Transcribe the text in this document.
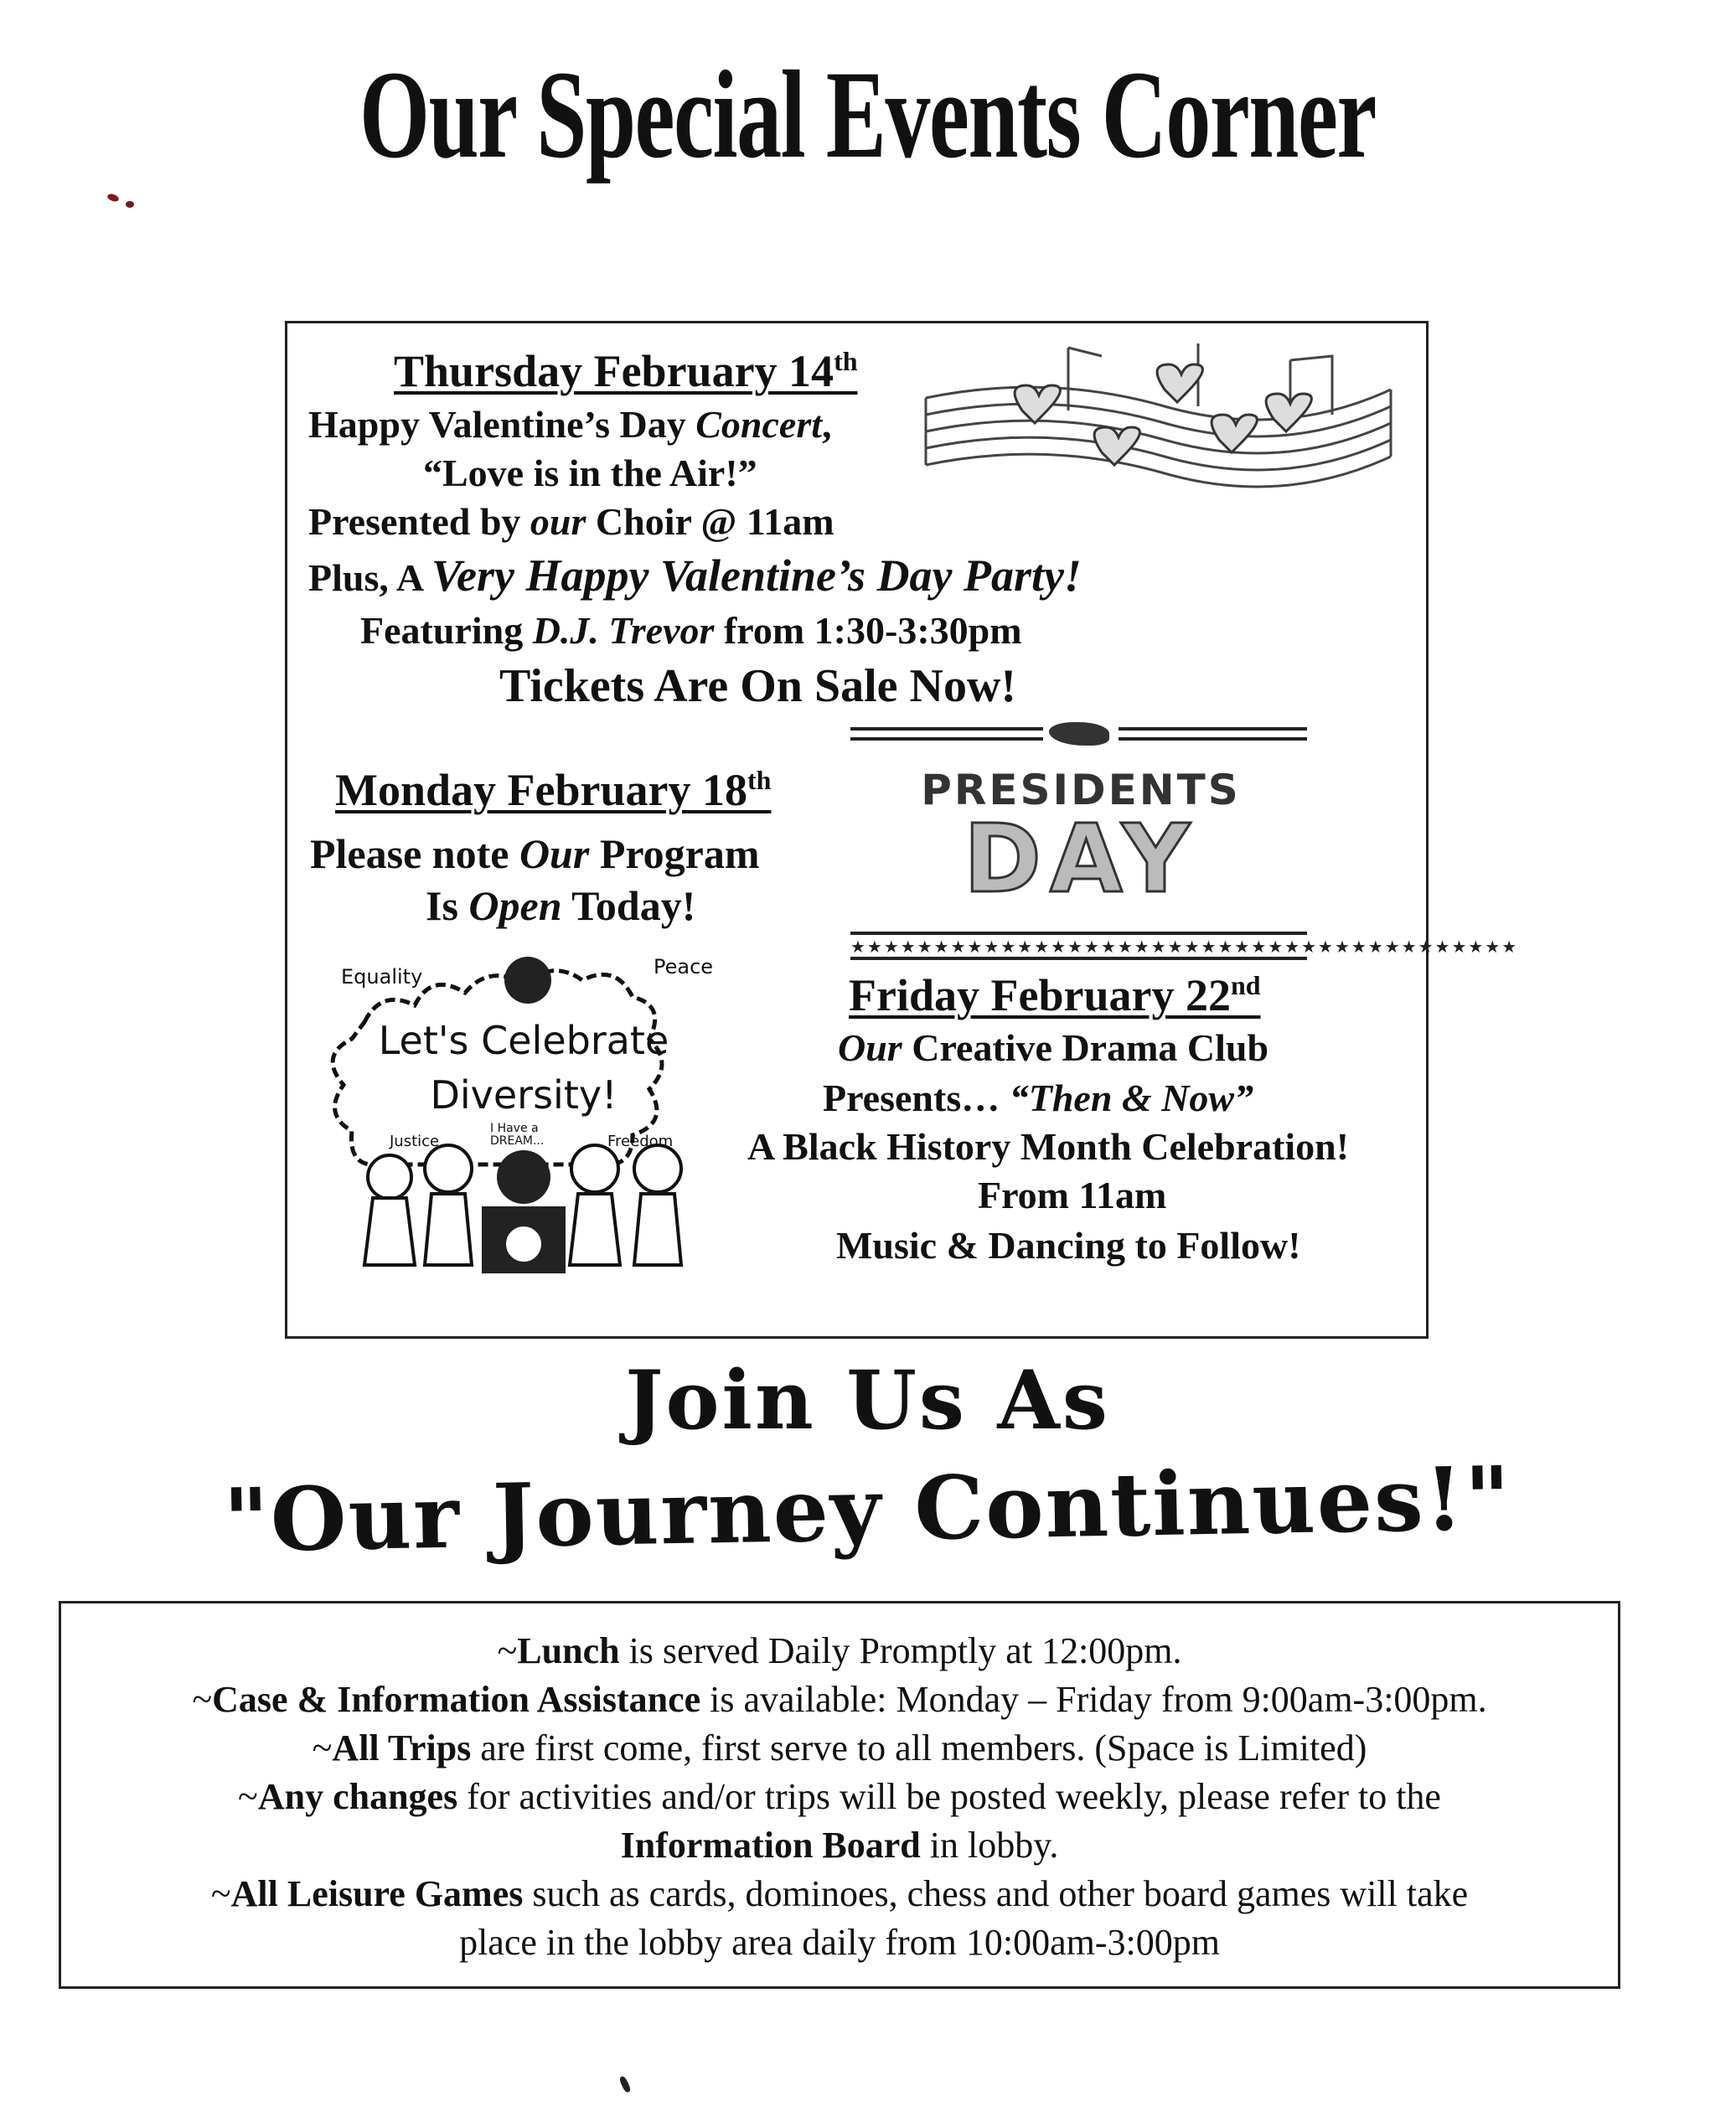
Our Special Events Corner
Thursday February 14th
Happy Valentine’s Day Concert,
“Love is in the Air!”
Presented by our Choir @ 11am
Plus, A Very Happy Valentine’s Day Party!
Featuring D.J. Trevor from 1:30-3:30pm
Tickets Are On Sale Now!
Monday February 18th
Please note Our Program
Is Open Today!
PRESIDENTS
DAY
★★★★★★★★★★★★★★★★★★★★★★★★★★★★★★★★★★★★★★★★
Equality	Peace
Let's Celebrate
Diversity!
Justice
I Have a DREAM...	Freedom
Friday February 22nd
Our Creative Drama Club
Presents… “Then & Now”
A Black History Month Celebration!
From 11am
Music & Dancing to Follow!
Join Us As
"Our Journey Continues!"
~Lunch is served Daily Promptly at 12:00pm.
~Case & Information Assistance is available: Monday – Friday from 9:00am-3:00pm.
~All Trips are first come, first serve to all members. (Space is Limited)
~Any changes for activities and/or trips will be posted weekly, please refer to the
Information Board in lobby.
~All Leisure Games such as cards, dominoes, chess and other board games will take
place in the lobby area daily from 10:00am-3:00pm
